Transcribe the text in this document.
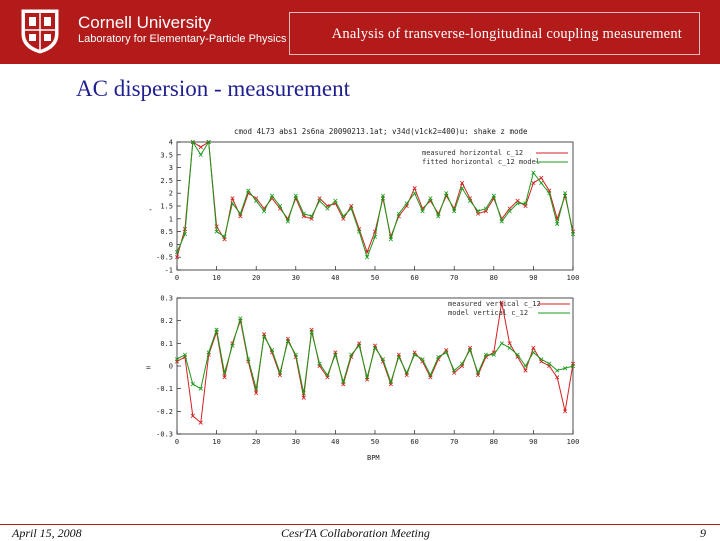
Cornell University
Laboratory for Elementary-Particle Physics	Analysis of transverse-longitudinal coupling measurement
AC dispersion - measurement
cmod 4L73 abs1 2s6na 20090213.1at; v34d(v1ck2=400)u: shake z mode
-
-1
-0.5
0
0.5
1
1.5
2
2.5
3
3.5
4
0	10	20	30	40	50	60	70	80	90	100
measured horizontal c_12
fitted horizontal c_12 model
=
-0.3
-0.2
-0.1
0
0.1
0.2
0.3
0	10	20	30	40	50	60	70	80	90	100
measured vertical c_12
model vertical c_12
BPM
April 15, 2008	CesrTA Collaboration Meeting	9
